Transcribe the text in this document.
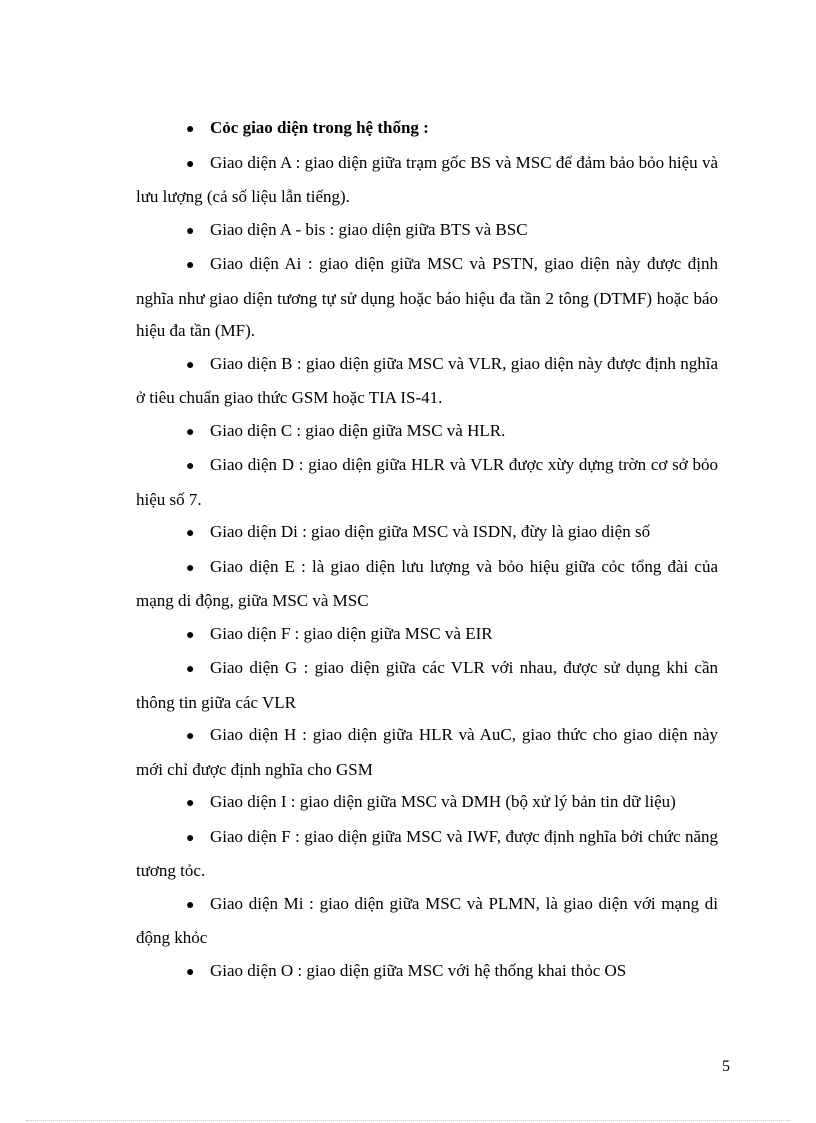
● Cỏc giao diện trong hệ thống :

● Giao diện A : giao diện giữa trạm gốc BS và MSC để đảm bảo bỏo hiệu và lưu lượng (cả số liệu lẫn tiếng).

● Giao diện A - bis : giao diện giữa BTS và BSC

● Giao diện Ai : giao diện giữa MSC và PSTN, giao diện này được định nghĩa như giao diện tương tự sử dụng hoặc báo hiệu đa tần 2 tông (DTMF) hoặc báo hiệu đa tần (MF).

● Giao diện B : giao diện giữa MSC và VLR, giao diện này được định nghĩa ở tiêu chuẩn giao thức GSM hoặc TIA IS-41.

● Giao diện C : giao diện giữa MSC và HLR.

● Giao diện D : giao diện giữa HLR và VLR được xừy dựng trờn cơ sở bỏo hiệu số 7.

● Giao diện Di : giao diện giữa MSC và ISDN, đừy là giao diện số

● Giao diện E : là giao diện lưu lượng và bỏo hiệu giữa cỏc tổng đài của mạng di động, giữa MSC và MSC

● Giao diện F : giao diện giữa MSC và EIR

● Giao diện G : giao diện giữa các VLR với nhau, được sử dụng khi cần thông tin giữa các VLR

● Giao diện H : giao diện giữa HLR và AuC, giao thức cho giao diện này mới chỉ được định nghĩa cho GSM

● Giao diện I : giao diện giữa MSC và DMH (bộ xử lý bản tin dữ liệu)

● Giao diện F : giao diện giữa MSC và IWF, được định nghĩa bởi chức năng tương tỏc.

● Giao diện Mi : giao diện giữa MSC và PLMN, là giao diện với mạng di động khỏc

● Giao diện O : giao diện giữa MSC với hệ thống khai thỏc OS

5
